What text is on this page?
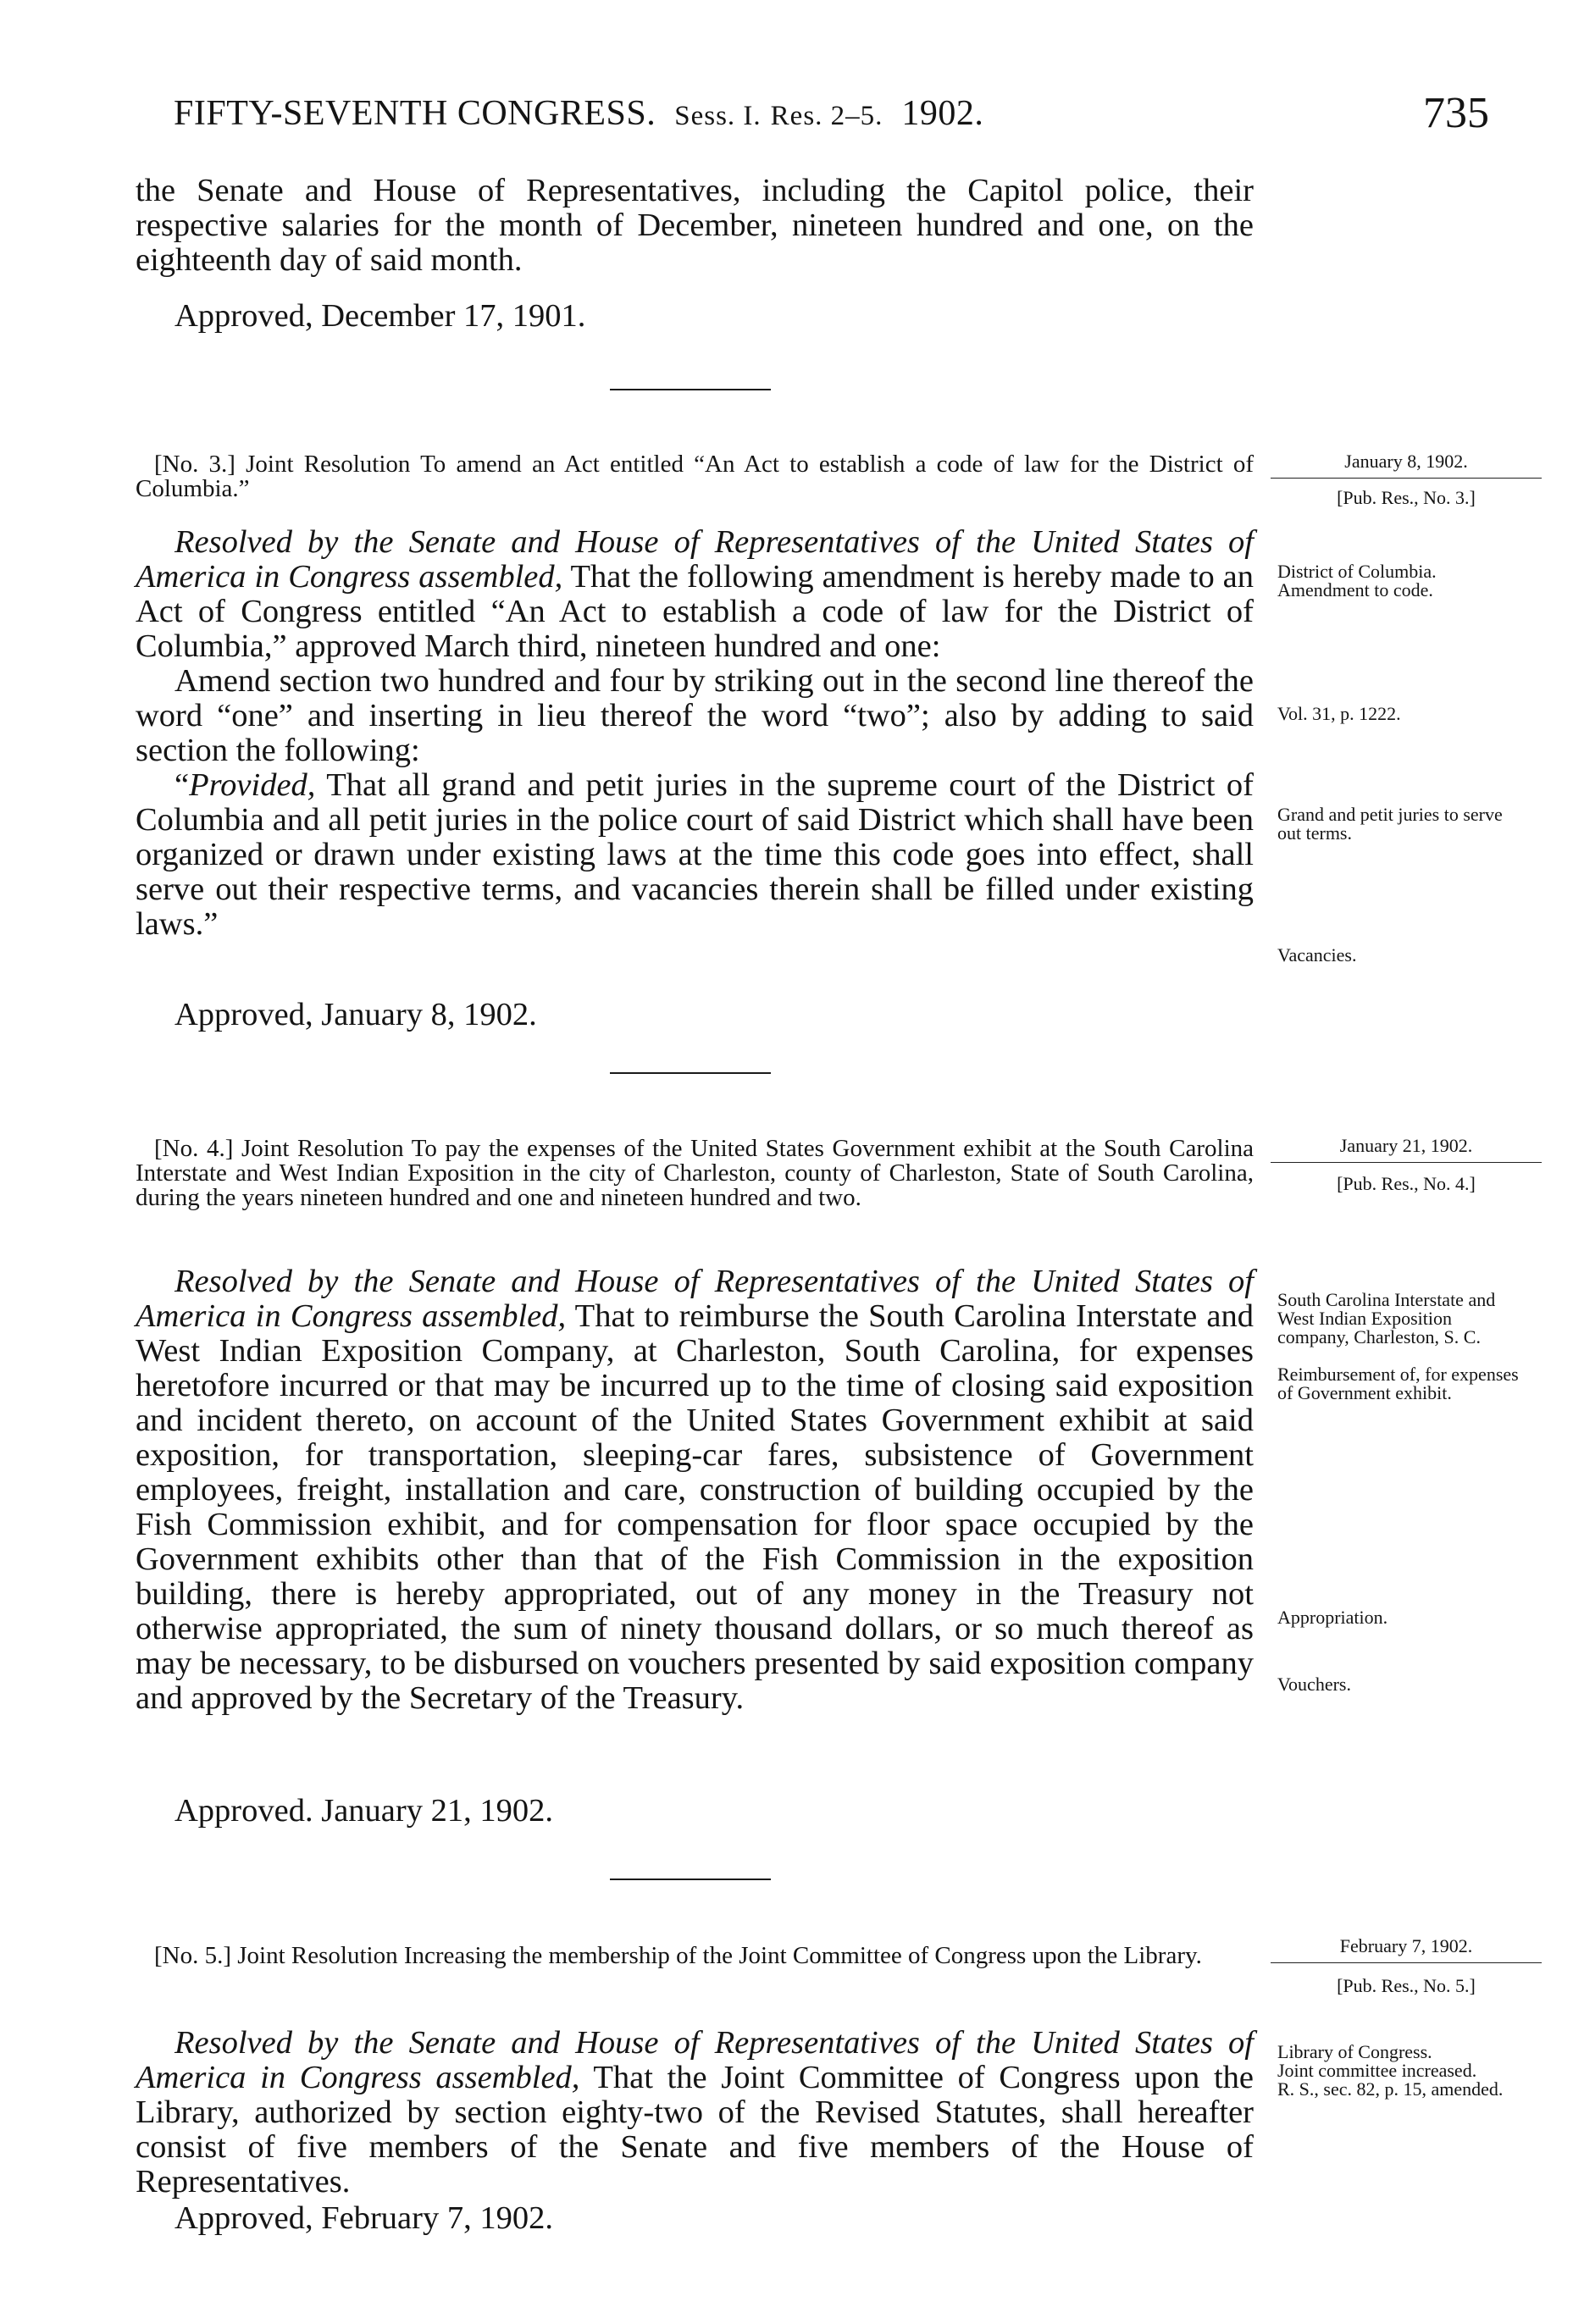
FIFTY-SEVENTH CONGRESS. Sess. I. Res. 2–5. 1902.	735

the Senate and House of Representatives, including the Capitol police, their respective salaries for the month of December, nineteen hundred and one, on the eighteenth day of said month.

Approved, December 17, 1901.

[No. 3.] Joint Resolution To amend an Act entitled “An Act to establish a code of law for the District of Columbia.”

January 8, 1902.
[Pub. Res., No. 3.]

Resolved by the Senate and House of Representatives of the United States of America in Congress assembled, That the following amendment is hereby made to an Act of Congress entitled “An Act to establish a code of law for the District of Columbia,” approved March third, nineteen hundred and one:

Amend section two hundred and four by striking out in the second line thereof the word “one” and inserting in lieu thereof the word “two”; also by adding to said section the following:

“Provided, That all grand and petit juries in the supreme court of the District of Columbia and all petit juries in the police court of said District which shall have been organized or drawn under existing laws at the time this code goes into effect, shall serve out their respective terms, and vacancies therein shall be filled under existing laws.”

Approved, January 8, 1902.

District of Columbia.

Amendment to code.

Vol. 31, p. 1222.
Grand and petit juries to serve out terms.
Vacancies.

[No. 4.] Joint Resolution To pay the expenses of the United States Government exhibit at the South Carolina Interstate and West Indian Exposition in the city of Charleston, county of Charleston, State of South Carolina, during the years nineteen hundred and one and nineteen hundred and two.

January 21, 1902.
[Pub. Res., No. 4.]

Resolved by the Senate and House of Representatives of the United States of America in Congress assembled, That to reimburse the South Carolina Interstate and West Indian Exposition Company, at Charleston, South Carolina, for expenses heretofore incurred or that may be incurred up to the time of closing said exposition and incident thereto, on account of the United States Government exhibit at said exposition, for transportation, sleeping-car fares, subsistence of Government employees, freight, installation and care, construction of building occupied by the Fish Commission exhibit, and for compensation for floor space occupied by the Government exhibits other than that of the Fish Commission in the exposition building, there is hereby appropriated, out of any money in the Treasury not otherwise appropriated, the sum of ninety thousand dollars, or so much thereof as may be necessary, to be disbursed on vouchers presented by said exposition company and approved by the Secretary of the Treasury.

Approved. January 21, 1902.
South Carolina Interstate and West Indian Exposition company, Charleston, S. C.
Reimbursement of, for expenses of Government exhibit.
Appropriation.
Vouchers.

[No. 5.] Joint Resolution Increasing the membership of the Joint Committee of Congress upon the Library.	February 7, 1902.
[Pub. Res., No. 5.]

Resolved by the Senate and House of Representatives of the United States of America in Congress assembled, That the Joint Committee of Congress upon the Library, authorized by section eighty-two of the Revised Statutes, shall hereafter consist of five members of the Senate and five members of the House of Representatives.

Approved, February 7, 1902.

Library of Congress.

Joint committee increased.

R. S., sec. 82, p. 15, amended.
